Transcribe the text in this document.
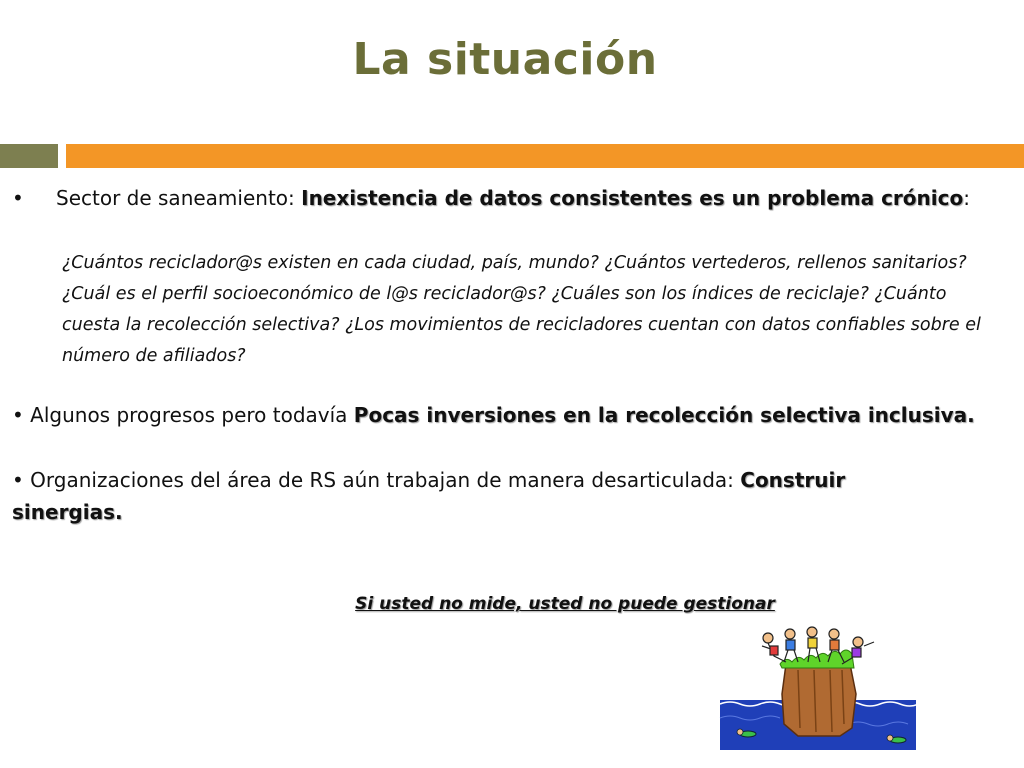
La situación
• Sector de saneamiento: Inexistencia de datos consistentes es un problema crónico:
¿Cuántos reciclador@s existen en cada ciudad, país, mundo? ¿Cuántos vertederos, rellenos sanitarios? ¿Cuál es el perfil socioeconómico de l@s reciclador@s? ¿Cuáles son los índices de reciclaje? ¿Cuánto cuesta la recolección selectiva? ¿Los movimientos de recicladores cuentan con datos confiables sobre el número de afiliados?
• Algunos progresos pero todavía Pocas inversiones en la recolección selectiva inclusiva.
• Organizaciones del área de RS aún trabajan de manera desarticulada: Construir sinergias.
Si usted no mide, usted no puede gestionar
